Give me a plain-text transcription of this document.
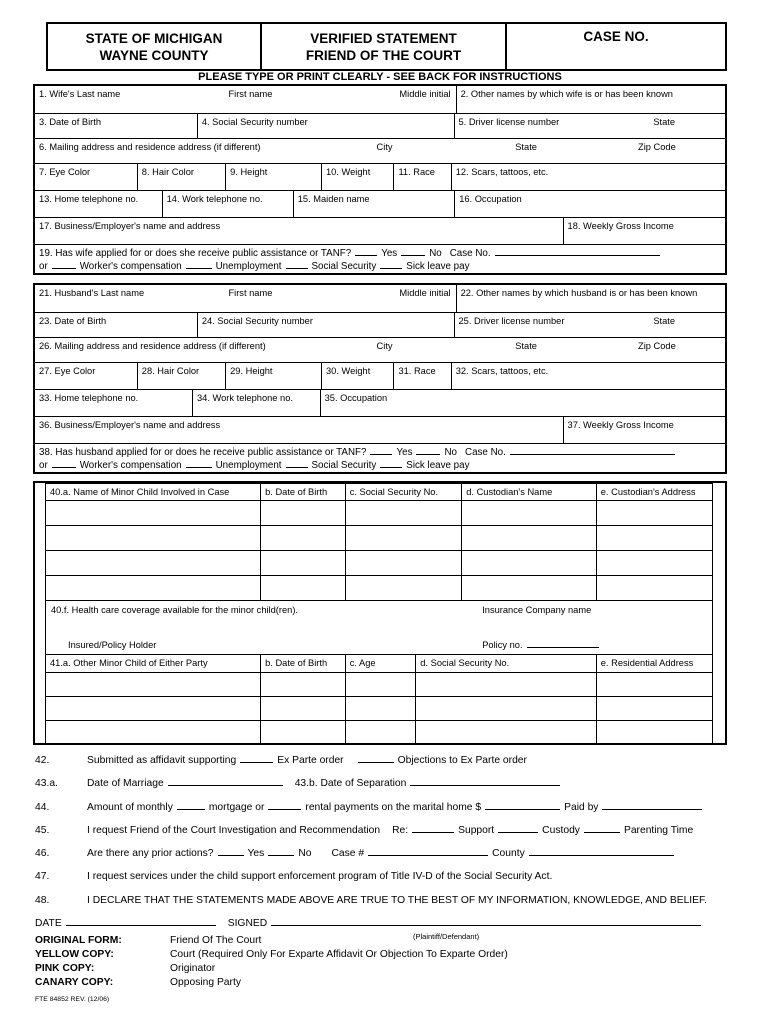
STATE OF MICHIGAN
WAYNE COUNTY
VERIFIED STATEMENT
FRIEND OF THE COURT
CASE NO.
PLEASE TYPE OR PRINT CLEARLY - SEE BACK FOR INSTRUCTIONS
1. Wife's Last name	First name	Middle initial	2. Other names by which wife is or has been known
3. Date of Birth	4. Social Security number	5. Driver license number	State
6. Mailing address and residence address (if different)	City	State	Zip Code
7. Eye Color	8. Hair Color	9. Height	10. Weight	11. Race	12. Scars, tattoos, etc.
13. Home telephone no.	14. Work telephone no.	15. Maiden name	16. Occupation
17. Business/Employer's name and address	18. Weekly Gross Income
19. Has wife applied for or does she receive public assistance or TANF?	Yes	No Case No.
or	Worker's compensation	Unemployment	Social Security	Sick leave pay
21. Husband's Last name	First name	Middle initial	22. Other names by which husband is or has been known
23. Date of Birth	24. Social Security number	25. Driver license number	State
26. Mailing address and residence address (if different)	City	State	Zip Code
27. Eye Color	28. Hair Color	29. Height	30. Weight	31. Race	32. Scars, tattoos, etc.
33. Home telephone no.	34. Work telephone no.	35. Occupation
36. Business/Employer's name and address	37. Weekly Gross Income
38. Has husband applied for or does he receive public assistance or TANF?	Yes	No Case No.
or	Worker's compensation	Unemployment	Social Security	Sick leave pay
40.a. Name of Minor Child Involved in Case	b. Date of Birth	c. Social Security No.	d. Custodian's Name	e. Custodian's Address
40.f. Health care coverage available for the minor child(ren).	Insurance Company name
Insured/Policy Holder	Policy no.
41.a. Other Minor Child of Either Party	b. Date of Birth	c. Age	d. Social Security No.	e. Residential Address
42.	Submitted as affidavit supporting	Ex Parte order	Objections to Ex Parte order
43.a.	Date of Marriage	43.b. Date of Separation
44.	Amount of monthly	mortgage or	rental payments on the marital home $	Paid by
45.	I request Friend of the Court Investigation and Recommendation Re:	Support	Custody	Parenting Time
46.	Are there any prior actions?	Yes	No Case #	County
47.	I request services under the child support enforcement program of Title IV-D of the Social Security Act.
48.	I DECLARE THAT THE STATEMENTS MADE ABOVE ARE TRUE TO THE BEST OF MY INFORMATION, KNOWLEDGE, AND BELIEF.
DATE	SIGNED
(Plaintiff/Defendant)
ORIGINAL FORM:	Friend Of The Court
YELLOW COPY:	Court (Required Only For Exparte Affidavit Or Objection To Exparte Order)
PINK COPY:	Originator
CANARY COPY:	Opposing Party
FTE 84852 REV. (12/06)
